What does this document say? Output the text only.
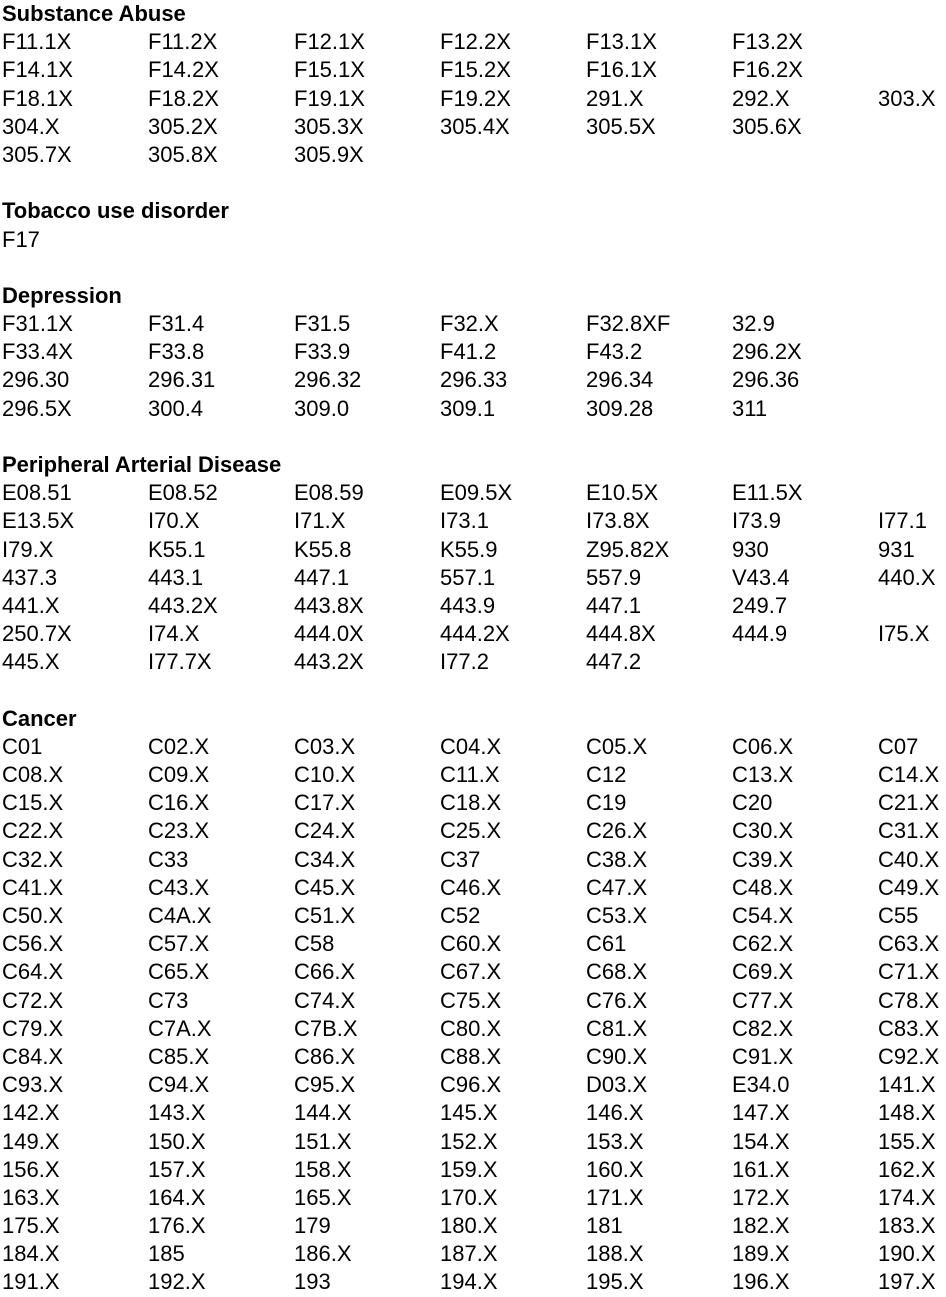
Substance Abuse
F11.1X	F11.2X	F12.1X	F12.2X	F13.1X	F13.2X
F14.1X	F14.2X	F15.1X	F15.2X	F16.1X	F16.2X
F18.1X	F18.2X	F19.1X	F19.2X	291.X	292.X	303.X
304.X	305.2X	305.3X	305.4X	305.5X	305.6X
305.7X	305.8X	305.9X
Tobacco use disorder
F17
Depression
F31.1X	F31.4	F31.5	F32.X	F32.8XF	32.9
F33.4X	F33.8	F33.9	F41.2	F43.2	296.2X
296.30	296.31	296.32	296.33	296.34	296.36
296.5X	300.4	309.0	309.1	309.28	311
Peripheral Arterial Disease
E08.51	E08.52	E08.59	E09.5X	E10.5X	E11.5X
E13.5X	I70.X	I71.X	I73.1	I73.8X	I73.9	I77.1
I79.X	K55.1	K55.8	K55.9	Z95.82X	930	931
437.3	443.1	447.1	557.1	557.9	V43.4	440.X
441.X	443.2X	443.8X	443.9	447.1	249.7
250.7X	I74.X	444.0X	444.2X	444.8X	444.9	I75.X
445.X	I77.7X	443.2X	I77.2	447.2
Cancer
C01	C02.X	C03.X	C04.X	C05.X	C06.X	C07
C08.X	C09.X	C10.X	C11.X	C12	C13.X	C14.X
C15.X	C16.X	C17.X	C18.X	C19	C20	C21.X
C22.X	C23.X	C24.X	C25.X	C26.X	C30.X	C31.X
C32.X	C33	C34.X	C37	C38.X	C39.X	C40.X
C41.X	C43.X	C45.X	C46.X	C47.X	C48.X	C49.X
C50.X	C4A.X	C51.X	C52	C53.X	C54.X	C55
C56.X	C57.X	C58	C60.X	C61	C62.X	C63.X
C64.X	C65.X	C66.X	C67.X	C68.X	C69.X	C71.X
C72.X	C73	C74.X	C75.X	C76.X	C77.X	C78.X
C79.X	C7A.X	C7B.X	C80.X	C81.X	C82.X	C83.X
C84.X	C85.X	C86.X	C88.X	C90.X	C91.X	C92.X
C93.X	C94.X	C95.X	C96.X	D03.X	E34.0	141.X
142.X	143.X	144.X	145.X	146.X	147.X	148.X
149.X	150.X	151.X	152.X	153.X	154.X	155.X
156.X	157.X	158.X	159.X	160.X	161.X	162.X
163.X	164.X	165.X	170.X	171.X	172.X	174.X
175.X	176.X	179	180.X	181	182.X	183.X
184.X	185	186.X	187.X	188.X	189.X	190.X
191.X	192.X	193	194.X	195.X	196.X	197.X
